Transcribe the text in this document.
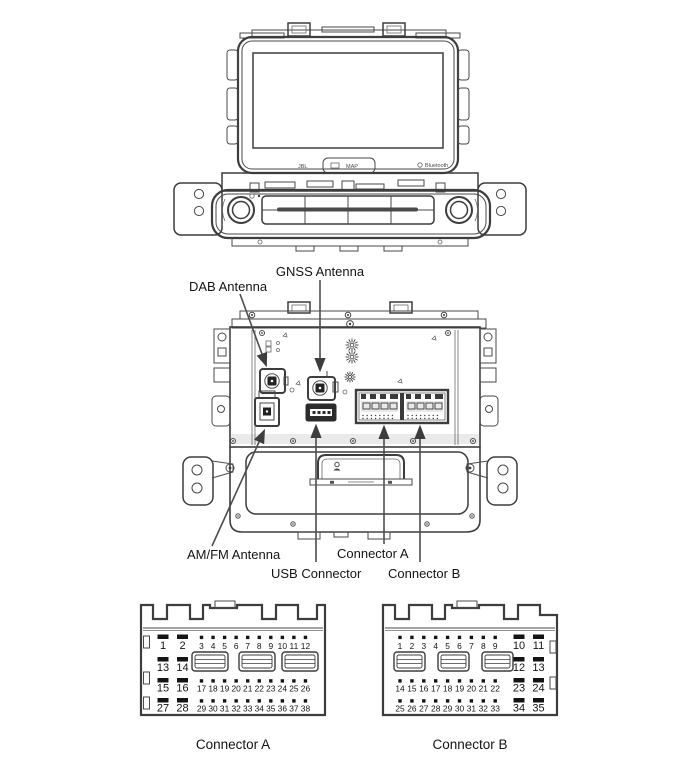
JBL	MAP	Bluetooth
GNSS Antenna
DAB Antenna
AM/FM Antenna
USB Connector
Connector A
Connector B
1 2 3 4 5 6 7 8 9 10 11 12
13 14
15 16 17 18 19 20 21 22 23 24 25 26
27 28 29 30 31 32 33 34 35 36 37 38
Connector A
10 11
1 2 3 4 5 6 7 8 9
12 13
23 24
14 15 16 17 18 19 20 21 22
34 35
25 26 27 28 29 30 31 32 33
Connector B
